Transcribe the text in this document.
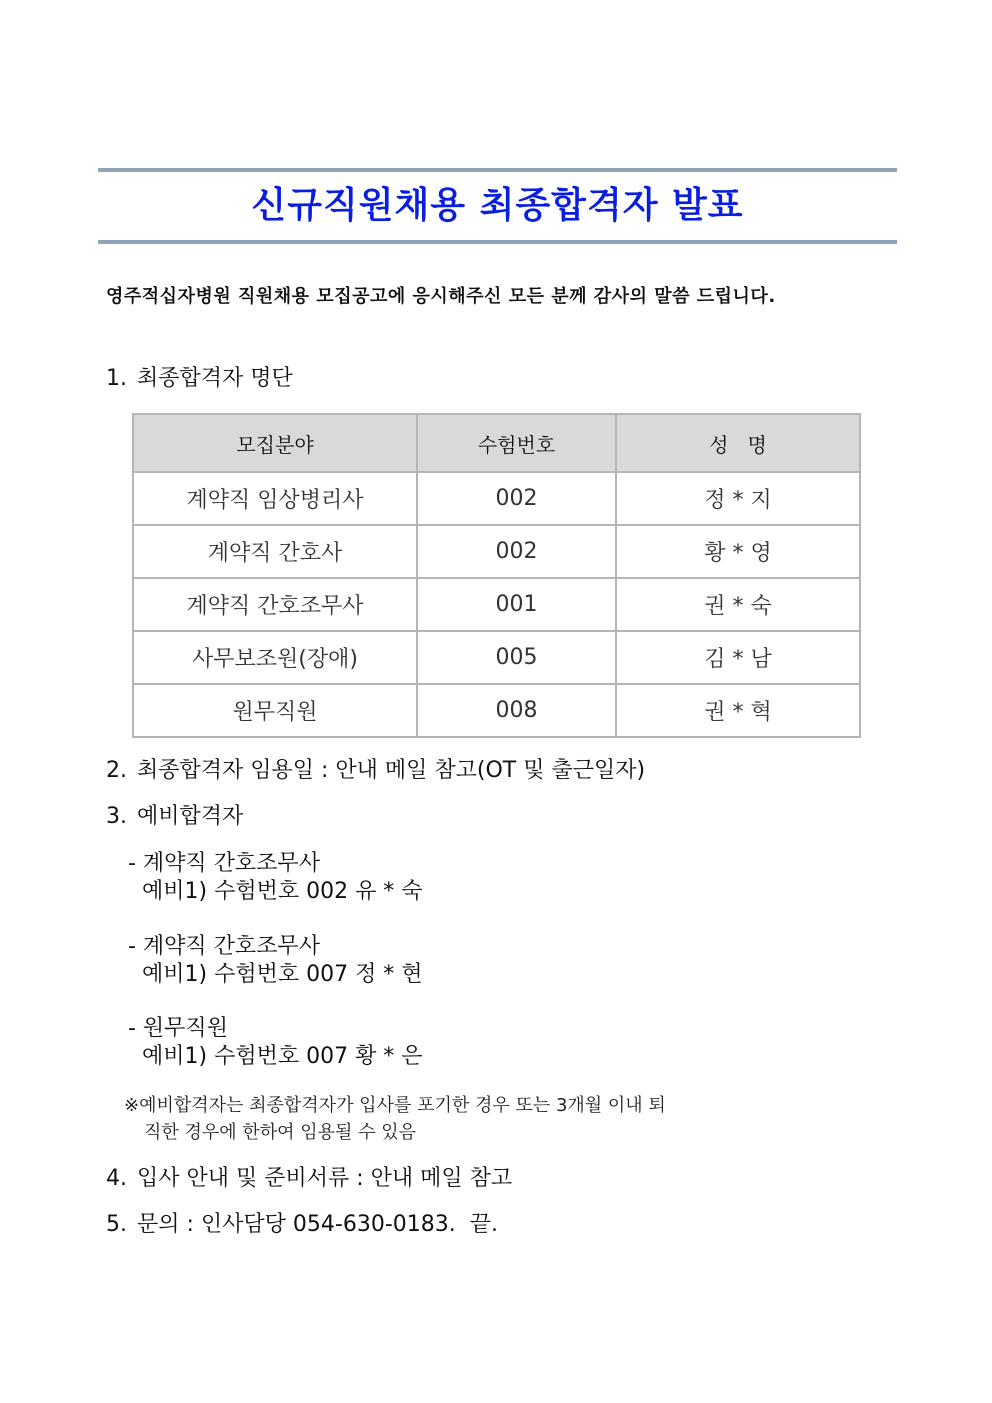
신규직원채용 최종합격자 발표

영주적십자병원 직원채용 모집공고에 응시해주신 모든 분께 감사의 말씀 드립니다.

1. 최종합격자 명단
모집분야	수험번호	성   명
계약직 임상병리사	002	정 * 지
계약직 간호사	002	황 * 영
계약직 간호조무사	001	권 * 숙
사무보조원(장애)	005	김 * 남
원무직원	008	권 * 혁
2. 최종합격자 임용일 : 안내 메일 참고(OT 및 출근일자)
3. 예비합격자
- 계약직 간호조무사
예비1) 수험번호 002 유 * 숙
- 계약직 간호조무사
예비1) 수험번호 007 정 * 현
- 원무직원
예비1) 수험번호 007 황 * 은
※예비합격자는 최종합격자가 입사를 포기한 경우 또는 3개월 이내 퇴
직한 경우에 한하여 임용될 수 있음
4. 입사 안내 및 준비서류 : 안내 메일 참고
5. 문의 : 인사담당 054-630-0183.  끝.
